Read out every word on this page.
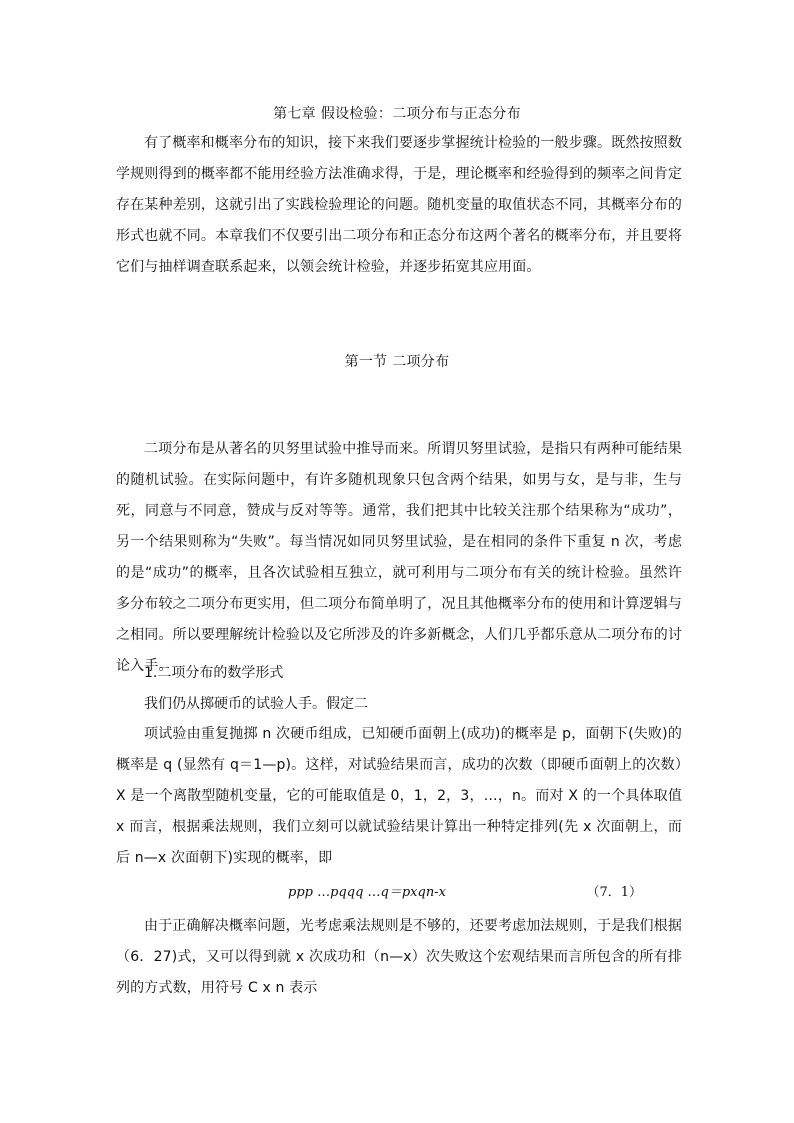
第七章 假设检验：二项分布与正态分布
有了概率和概率分布的知识，接下来我们要逐步掌握统计检验的一般步骤。既然按照数学规则得到的概率都不能用经验方法准确求得，于是，理论概率和经验得到的频率之间肯定存在某种差别，这就引出了实践检验理论的问题。随机变量的取值状态不同，其概率分布的形式也就不同。本章我们不仅要引出二项分布和正态分布这两个著名的概率分布，并且要将它们与抽样调查联系起来，以领会统计检验，并逐步拓宽其应用面。
第一节 二项分布
二项分布是从著名的贝努里试验中推导而来。所谓贝努里试验，是指只有两种可能结果的随机试验。在实际问题中，有许多随机现象只包含两个结果，如男与女，是与非，生与死，同意与不同意，赞成与反对等等。通常，我们把其中比较关注那个结果称为“成功”，另一个结果则称为“失败”。每当情况如同贝努里试验，是在相同的条件下重复 n 次，考虑的是“成功”的概率，且各次试验相互独立，就可利用与二项分布有关的统计检验。虽然许多分布较之二项分布更实用，但二项分布简单明了，况且其他概率分布的使用和计算逻辑与之相同。所以要理解统计检验以及它所涉及的许多新概念，人们几乎都乐意从二项分布的讨论入手。
1.二项分布的数学形式
我们仍从掷硬币的试验人手。假定二
项试验由重复抛掷 n 次硬币组成，已知硬币面朝上(成功)的概率是 p，面朝下(失败)的概率是 q (显然有 q＝1—p)。这样，对试验结果而言，成功的次数（即硬币面朝上的次数）X 是一个离散型随机变量，它的可能取值是 0，1，2，3，…，n。而对 X 的一个具体取值 x 而言，根据乘法规则，我们立刻可以就试验结果计算出一种特定排列(先 x 次面朝上，而后 n—x 次面朝下)实现的概率，即
ppp …pqqq …q＝pxqn-x	（7．1）
由于正确解决概率问题，光考虑乘法规则是不够的，还要考虑加法规则，于是我们根据（6．27)式，又可以得到就 x 次成功和（n—x）次失败这个宏观结果而言所包含的所有排列的方式数，用符号 C x n 表示
